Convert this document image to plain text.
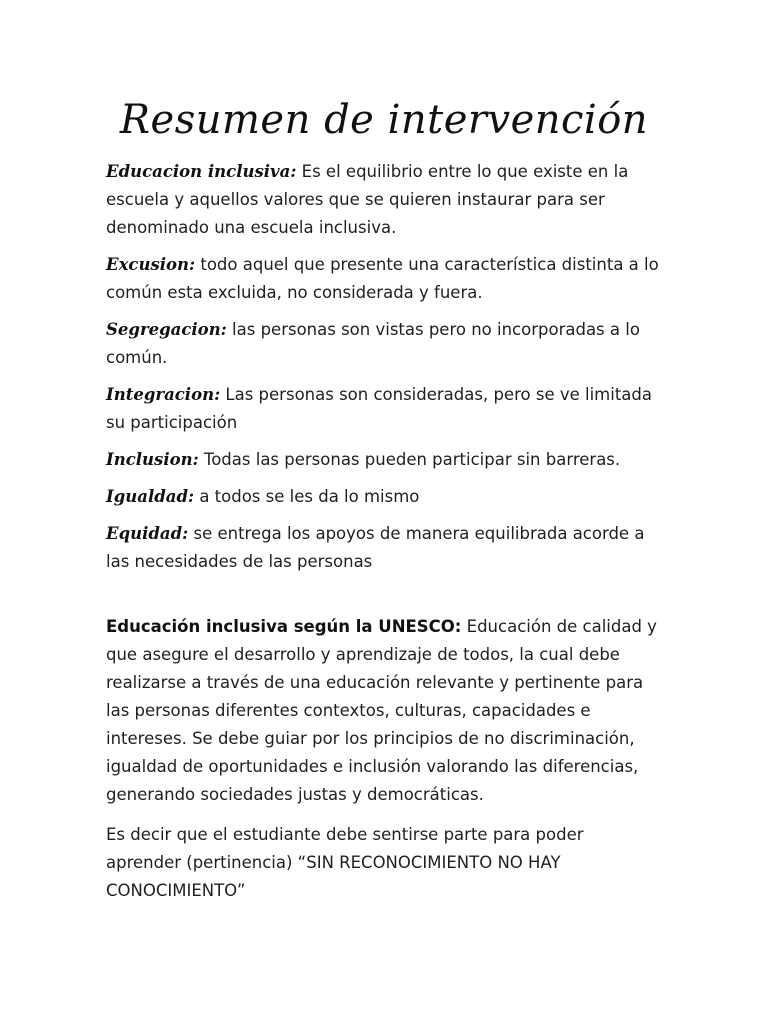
Resumen de intervención

Educacion inclusiva: Es el equilibrio entre lo que existe en la escuela y aquellos valores que se quieren instaurar para ser denominado una escuela inclusiva.

Excusion: todo aquel que presente una característica distinta a lo común esta excluida, no considerada y fuera.

Segregacion: las personas son vistas pero no incorporadas a lo común.

Integracion: Las personas son consideradas, pero se ve limitada su participación

Inclusion: Todas las personas pueden participar sin barreras.

Igualdad: a todos se les da lo mismo

Equidad: se entrega los apoyos de manera equilibrada acorde a las necesidades de las personas

Educación inclusiva según la UNESCO: Educación de calidad y que asegure el desarrollo y aprendizaje de todos, la cual debe realizarse a través de una educación relevante y pertinente para las personas diferentes contextos, culturas, capacidades e intereses. Se debe guiar por los principios de no discriminación, igualdad de oportunidades e inclusión valorando las diferencias, generando sociedades justas y democráticas.

Es decir que el estudiante debe sentirse parte para poder aprender (pertinencia) “SIN RECONOCIMIENTO NO HAY CONOCIMIENTO”
